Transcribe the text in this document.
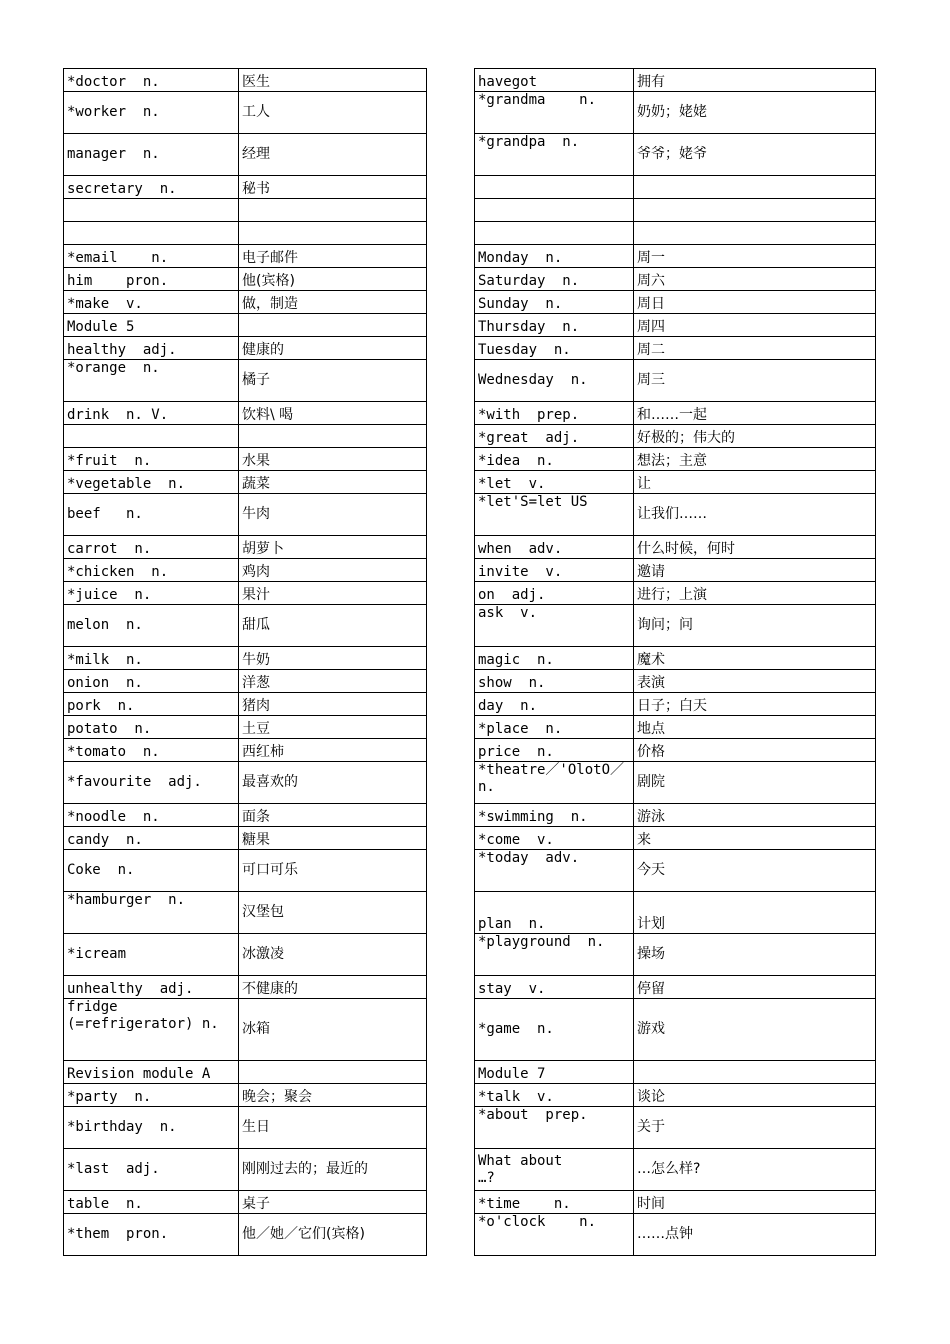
*doctor  n.	医生
*worker  n.	工人
manager  n.	经理
secretary  n.	秘书

*email    n.	电子邮件
him    pron.	他(宾格)
*make  v.	做，制造
Module 5	
healthy  adj.	健康的
*orange  n.	橘子
drink  n. V.	饮料\ 喝

*fruit  n.	水果
*vegetable  n.	蔬菜
beef   n.	牛肉
carrot  n.	胡萝卜
*chicken  n.	鸡肉
*juice  n.	果汁
melon  n.	甜瓜
*milk  n.	牛奶
onion  n.	洋葱
pork  n.	猪肉
potato  n.	土豆
*tomato  n.	西红柿
*favourite  adj.	最喜欢的
*noodle  n.	面条
candy  n.	糖果
Coke  n.	可口可乐
*hamburger  n.	汉堡包
*icream	冰激凌
unhealthy  adj.	不健康的
fridge
(=refrigerator) n.	冰箱
Revision module A	
*party  n.	晚会；聚会
*birthday  n.	生日
*last  adj.	刚刚过去的；最近的
table  n.	桌子
*them  pron.	他／她／它们(宾格)
havegot	拥有
*grandma    n.	奶奶；姥姥
*grandpa  n.	爷爷；姥爷

Monday  n.	周一
Saturday  n.	周六
Sunday  n.	周日
Thursday  n.	周四
Tuesday  n.	周二
Wednesday  n.	周三
*with  prep.	和……一起
*great  adj.	好极的；伟大的
*idea  n.	想法；主意
*let  v.	让
*let'S=let US	让我们……
when  adv.	什么时候，何时
invite  v.	邀请
on  adj.	进行；上演
ask  v.	询问；问
magic  n.	魔术
show  n.	表演
day  n.	日子；白天
*place  n.	地点
price  n.	价格
*theatre／'ОlotО／ n.	剧院
*swimming  n.	游泳
*come  v.	来
*today  adv.	今天
plan  n.	计划
*playground  n.	操场
stay  v.	停留
*game  n.	游戏
Module 7	
*talk  v.	谈论
*about  prep.	关于
What about
…?	…怎么样?
*time    n.	时间
*o'clock    n.	……点钟
